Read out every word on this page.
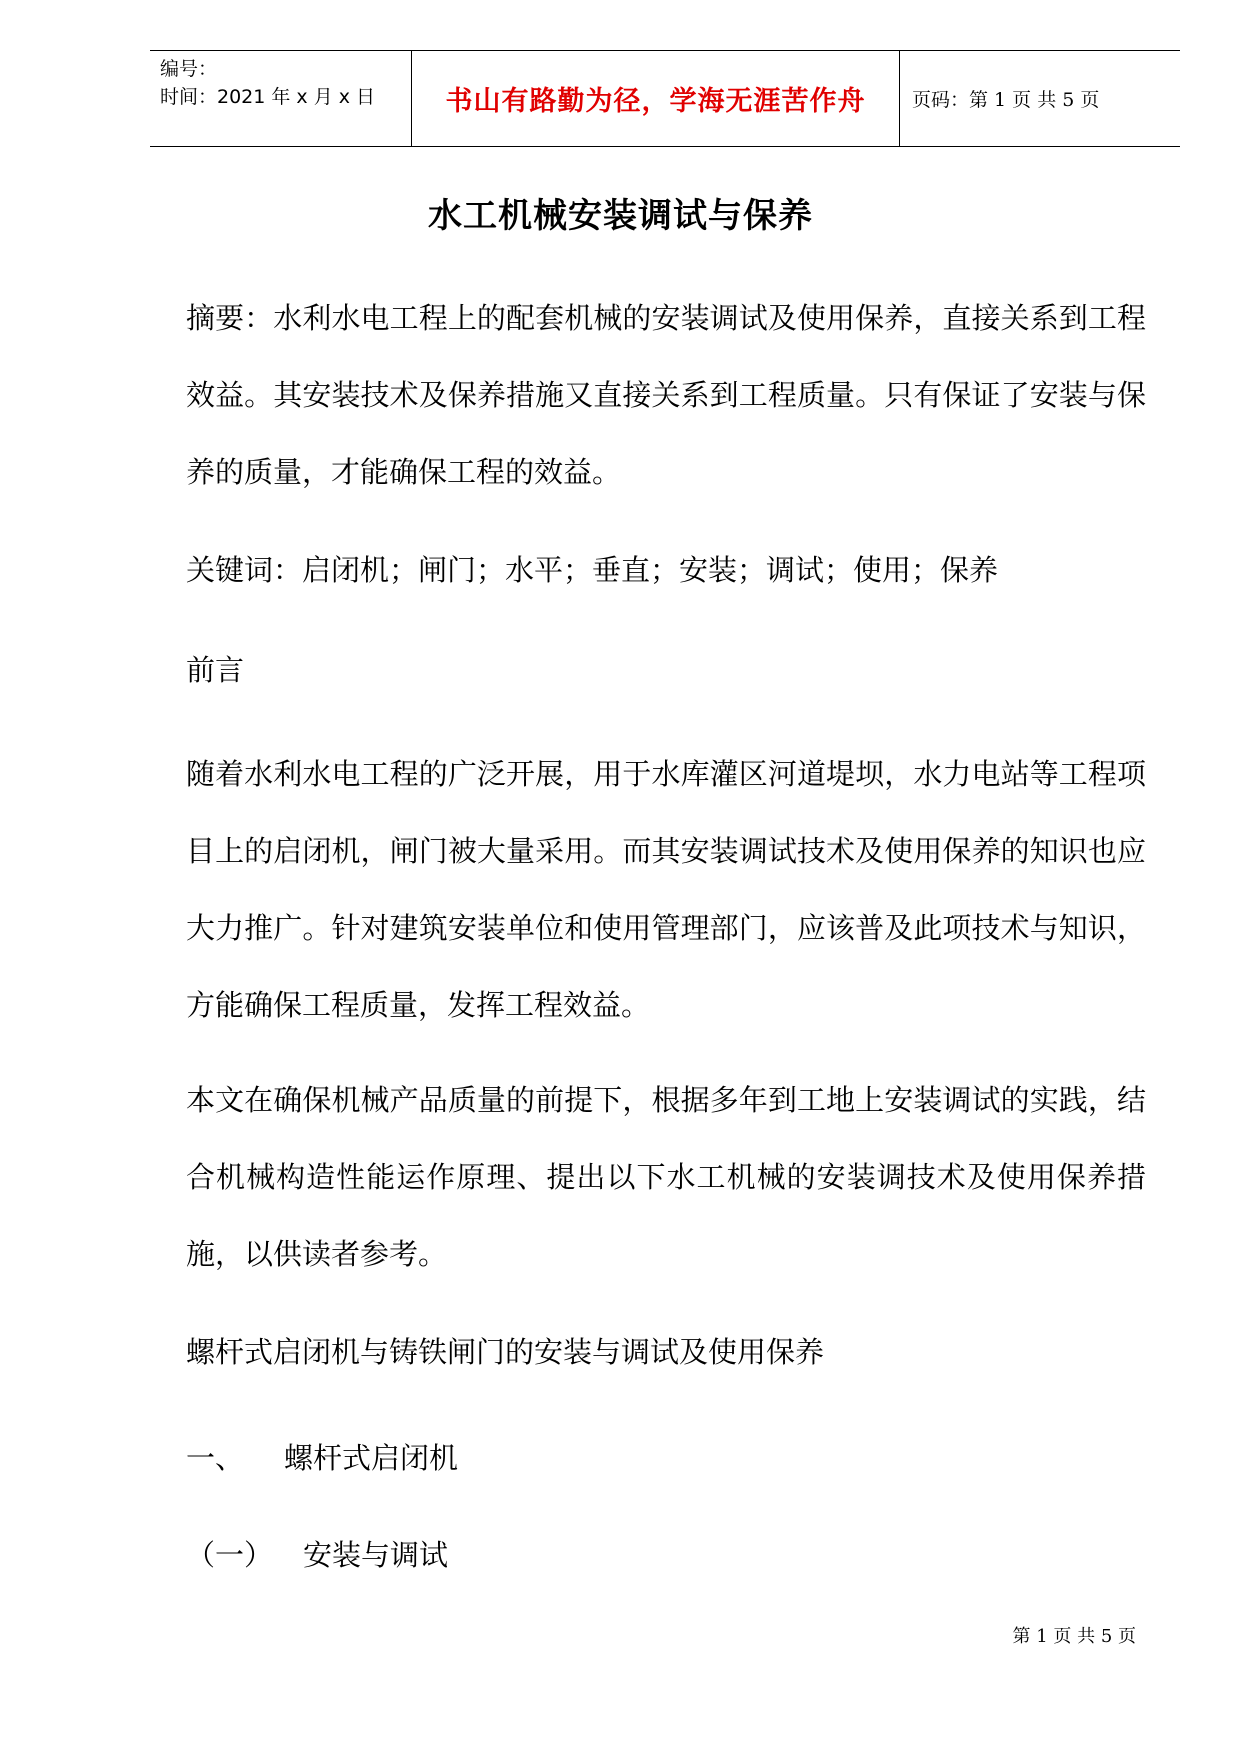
编号：
时间：2021 年 x 月 x 日	书山有路勤为径，学海无涯苦作舟 页码：第 1 页 共 5 页
水工机械安装调试与保养

摘要：水利水电工程上的配套机械的安装调试及使用保养，直接关系到工程效益。其安装技术及保养措施又直接关系到工程质量。只有保证了安装与保养的质量，才能确保工程的效益。

关键词：启闭机；闸门；水平；垂直；安装；调试；使用；保养

前言

随着水利水电工程的广泛开展，用于水库灌区河道堤坝，水力电站等工程项目上的启闭机，闸门被大量采用。而其安装调试技术及使用保养的知识也应大力推广。针对建筑安装单位和使用管理部门，应该普及此项技术与知识，方能确保工程质量，发挥工程效益。

本文在确保机械产品质量的前提下，根据多年到工地上安装调试的实践，结合机械构造性能运作原理、提出以下水工机械的安装调技术及使用保养措施，以供读者参考。

螺杆式启闭机与铸铁闸门的安装与调试及使用保养

一、 螺杆式启闭机

（一） 安装与调试

第 1 页 共 5 页
